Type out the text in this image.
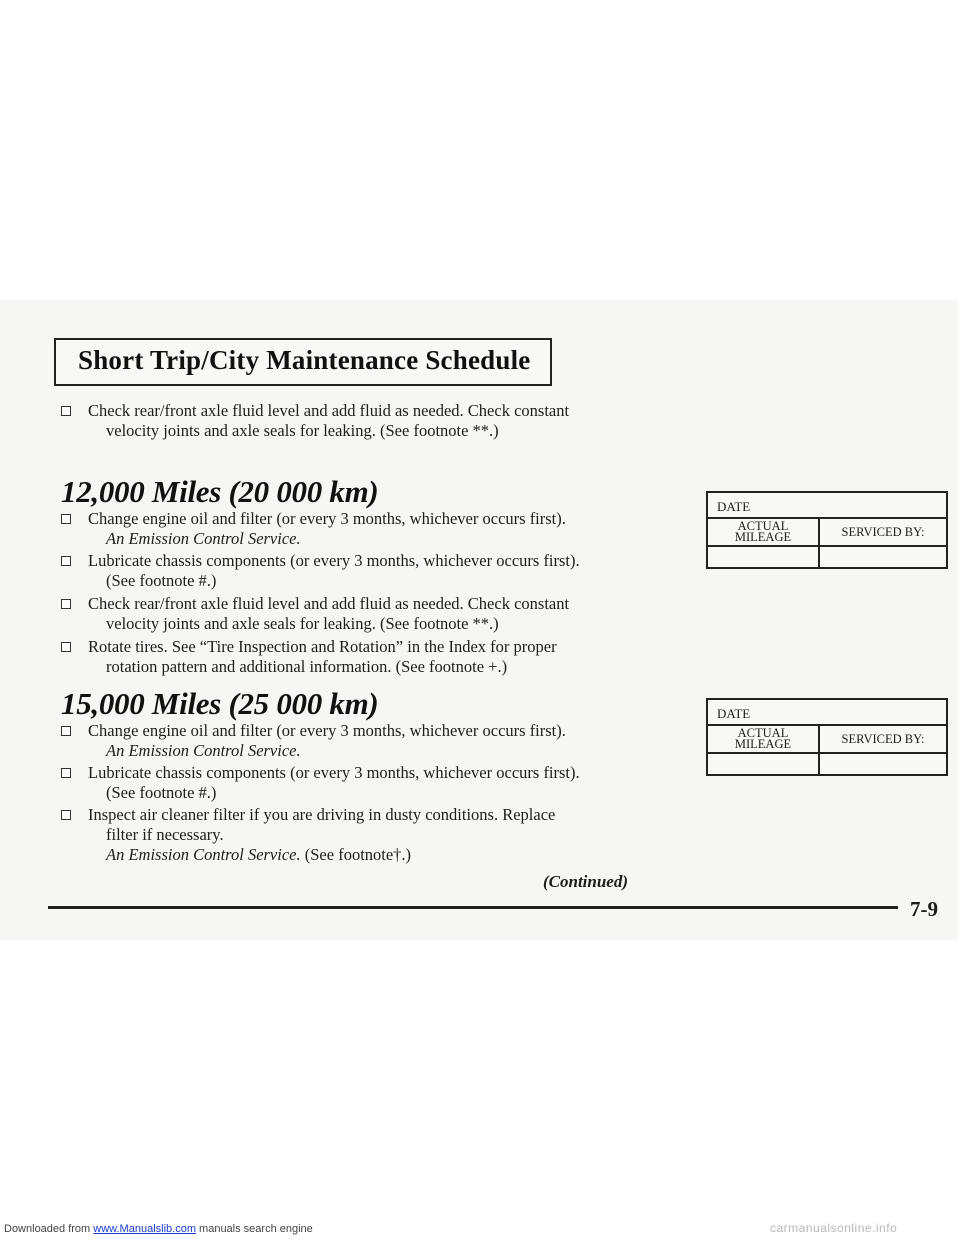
Short Trip/City Maintenance Schedule
Check rear/front axle fluid level and add fluid as needed. Check constant
velocity joints and axle seals for leaking. (See footnote **.)
12,000 Miles (20 000 km)
Change engine oil and filter (or every 3 months, whichever occurs first).
An Emission Control Service.
Lubricate chassis components (or every 3 months, whichever occurs first).
(See footnote #.)
Check rear/front axle fluid level and add fluid as needed. Check constant
velocity joints and axle seals for leaking. (See footnote **.)
Rotate tires. See “Tire Inspection and Rotation” in the Index for proper
rotation pattern and additional information. (See footnote +.)
DATE
ACTUAL
MILEAGE	SERVICED BY:
15,000 Miles (25 000 km)
Change engine oil and filter (or every 3 months, whichever occurs first).
An Emission Control Service.
Lubricate chassis components (or every 3 months, whichever occurs first).
(See footnote #.)
Inspect air cleaner filter if you are driving in dusty conditions. Replace
filter if necessary.
An Emission Control Service. (See footnote†.)
DATE
ACTUAL
MILEAGE	SERVICED BY:
(Continued)
7-9
Downloaded from www.Manualslib.com manuals search engine	carmanualsonline.info
